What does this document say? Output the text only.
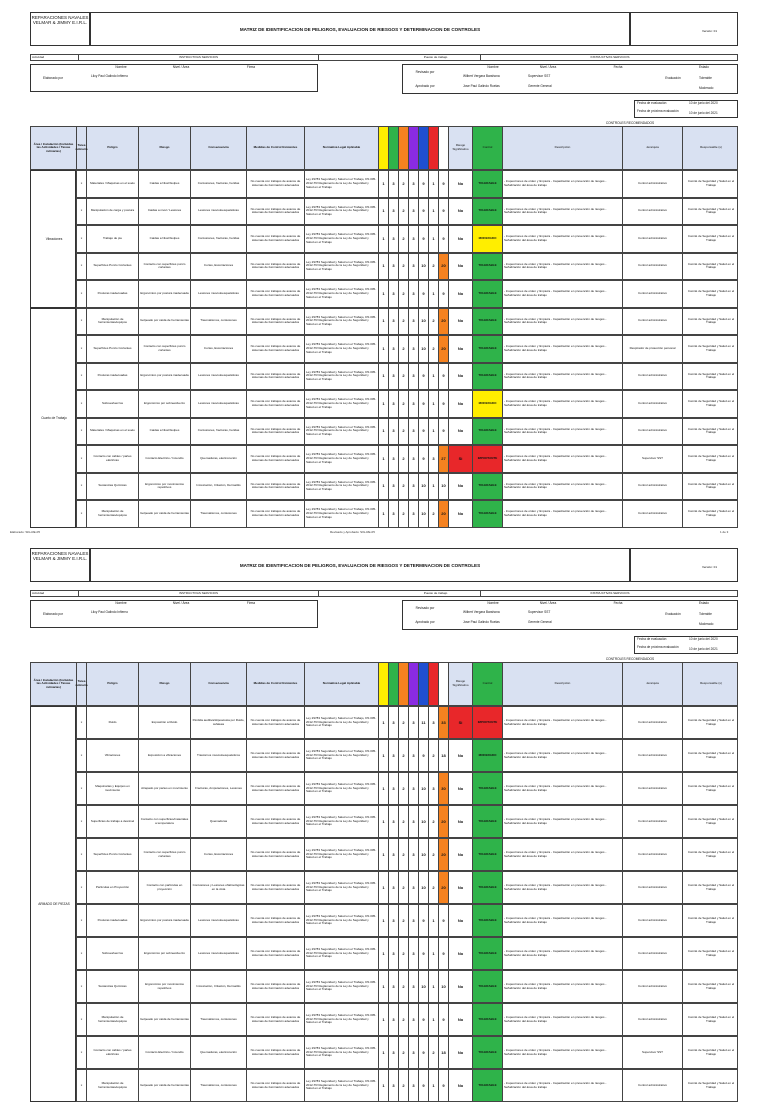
REPARACIONES NAVALES VELMAR & JIMMY E.I.R.L.
MATRIZ DE IDENTIFICACION DE PELIGROS, EVALUACION DE RIESGOS Y DETERMINACION DE CONTROLES	Versión: 01
Actividad	INSTRUCTIVAS SERVICIOS	Puesto de trabajo	INSTRUCTIVAS SERVICIOS
Elaborado por
Nombre	Nivel / Área	Firma
Lilcy Paul Galindo Infierno
Revisado por
Aprobado por
Nombre	Nivel / Área	Fecha
Evaluación
Estado
Tolerable
Moderado
Wilbert Vergara Barahona
Jose Paul Galindo Ruelas
Supervisor SST
Gerente General
Fecha de evaluación	10 de junio del 2020
Fecha de próxima evaluación	10 de junio del 2021
CONTROLES RECOMENDADOS
Área / Instalación (Incluidas las Actividades / Tareas rutinarias)
Tarea rutinaria	Peligro	Riesgo	Consecuencia	Medidas de Control Existentes	Normativa Legal Aplicable	Riesgo Significativo	Control	Descripción	Jerarquía	Responsable (s)
Vibraciones
Cuarto de Trabajo
x	Materiales / Maquinas en el suelo	Caidas a Nivel/Golpes	Contusiones, fracturas, heridas	No cuenta con trabajos de avance de sistemas de iluminación adecuados
Ley 29783 Seguridad y Salud en el Trabajo, DS 005-2012-TR Reglamento de la Ley de Seguridad y Salud en el Trabajo
1	3	2	3	9	1	9	No	TOLERABLE	- Inspecciones de orden y limpieza - Capacitación en prevención de riesgos - Señalización del área de trabajo	Control administrativo	Comité de Seguridad y Salud en el Trabajo
x	Manipulación de carga y postura	Caidas a nivel / Lesiones	Lesiones musculoesqueléticas	No cuenta con trabajos de avance de sistemas de iluminación adecuados
Ley 29783 Seguridad y Salud en el Trabajo, DS 005-2012-TR Reglamento de la Ley de Seguridad y Salud en el Trabajo
1	3	2	3	9	1	9	No	TOLERABLE	- Inspecciones de orden y limpieza - Capacitación en prevención de riesgos - Señalización del área de trabajo	Control administrativo	Comité de Seguridad y Salud en el Trabajo
x	Trabajo de pie	Caidas a Nivel/Golpes	Contusiones, fracturas, heridas	No cuenta con trabajos de avance de sistemas de iluminación adecuados
Ley 29783 Seguridad y Salud en el Trabajo, DS 005-2012-TR Reglamento de la Ley de Seguridad y Salud en el Trabajo
1	3	2	3	9	1	9	No	MODERADO	- Inspecciones de orden y limpieza - Capacitación en prevención de riesgos - Señalización del área de trabajo	Control administrativo	Comité de Seguridad y Salud en el Trabajo
x	Superficies Punzo Cortantes	Contacto con superficies punzo cortantes	Cortes, Escoriaciones	No cuenta con trabajos de avance de sistemas de iluminación adecuados
Ley 29783 Seguridad y Salud en el Trabajo, DS 005-2012-TR Reglamento de la Ley de Seguridad y Salud en el Trabajo
1	3	2	3	10	2	20	No	TOLERABLE	- Inspecciones de orden y limpieza - Capacitación en prevención de riesgos - Señalización del área de trabajo	Control administrativo	Comité de Seguridad y Salud en el Trabajo
x	Posturas inadecuadas	Ergonómico por postura inadecuada	Lesiones musculoesqueléticas	No cuenta con trabajos de avance de sistemas de iluminación adecuados
Ley 29783 Seguridad y Salud en el Trabajo, DS 005-2012-TR Reglamento de la Ley de Seguridad y Salud en el Trabajo
1	3	2	3	9	1	9	No	TOLERABLE	- Inspecciones de orden y limpieza - Capacitación en prevención de riesgos - Señalización del área de trabajo	Control administrativo	Comité de Seguridad y Salud en el Trabajo
x	Manipulación de herramientas/equipos	Golpeado por caída de herramientas	Traumatismos, contusiones	No cuenta con trabajos de avance de sistemas de iluminación adecuados
Ley 29783 Seguridad y Salud en el Trabajo, DS 005-2012-TR Reglamento de la Ley de Seguridad y Salud en el Trabajo
1	3	2	3	10	2	20	No	TOLERABLE	- Inspecciones de orden y limpieza - Capacitación en prevención de riesgos - Señalización del área de trabajo	Control administrativo	Comité de Seguridad y Salud en el Trabajo
x	Superficies Punzo Cortantes	Contacto con superficies punzo cortantes	Cortes, Escoriaciones	No cuenta con trabajos de avance de sistemas de iluminación adecuados
Ley 29783 Seguridad y Salud en el Trabajo, DS 005-2012-TR Reglamento de la Ley de Seguridad y Salud en el Trabajo
1	3	2	3	10	2	20	No	TOLERABLE	- Inspecciones de orden y limpieza - Capacitación en prevención de riesgos - Señalización del área de trabajo	Respirador de protección personal	Comité de Seguridad y Salud en el Trabajo
x	Posturas inadecuadas	Ergonómico por postura inadecuada	Lesiones musculoesqueléticas	No cuenta con trabajos de avance de sistemas de iluminación adecuados
Ley 29783 Seguridad y Salud en el Trabajo, DS 005-2012-TR Reglamento de la Ley de Seguridad y Salud en el Trabajo
1	3	2	3	9	1	9	No	TOLERABLE	- Inspecciones de orden y limpieza - Capacitación en prevención de riesgos - Señalización del área de trabajo	Control administrativo	Comité de Seguridad y Salud en el Trabajo
x	Sobreesfuerzos	Ergonómico por sobreesfuerzo	Lesiones musculoesqueléticas	No cuenta con trabajos de avance de sistemas de iluminación adecuados
Ley 29783 Seguridad y Salud en el Trabajo, DS 005-2012-TR Reglamento de la Ley de Seguridad y Salud en el Trabajo
1	3	2	3	9	1	9	No	MODERADO	- Inspecciones de orden y limpieza - Capacitación en prevención de riesgos - Señalización del área de trabajo	Control administrativo	Comité de Seguridad y Salud en el Trabajo
x	Materiales / Maquinas en el suelo	Caidas a Nivel/Golpes	Contusiones, fracturas, heridas	No cuenta con trabajos de avance de sistemas de iluminación adecuados
Ley 29783 Seguridad y Salud en el Trabajo, DS 005-2012-TR Reglamento de la Ley de Seguridad y Salud en el Trabajo
1	3	2	3	9	1	9	No	TOLERABLE	- Inspecciones de orden y limpieza - Capacitación en prevención de riesgos - Señalización del área de trabajo	Control administrativo	Comité de Seguridad y Salud en el Trabajo
x	Contacto con cables / partes eléctricas	Contacto Electrico / Incendio	Quemaduras, electrocución	No cuenta con trabajos de avance de sistemas de iluminación adecuados
Ley 29783 Seguridad y Salud en el Trabajo, DS 005-2012-TR Reglamento de la Ley de Seguridad y Salud en el Trabajo
1	3	2	3	9	3	27	Si	IMPORTANTE	- Inspecciones de orden y limpieza - Capacitación en prevención de riesgos - Señalización del área de trabajo	Supervisor SST	Comité de Seguridad y Salud en el Trabajo
x	Sustancias Químicas	Ergonómico por movimientos repetitivos	Intoxicación, Irritación, Dermatitis	No cuenta con trabajos de avance de sistemas de iluminación adecuados
Ley 29783 Seguridad y Salud en el Trabajo, DS 005-2012-TR Reglamento de la Ley de Seguridad y Salud en el Trabajo
1	3	2	3	10	1	10	No	TOLERABLE	- Inspecciones de orden y limpieza - Capacitación en prevención de riesgos - Señalización del área de trabajo	Control administrativo	Comité de Seguridad y Salud en el Trabajo
x	Manipulación de herramientas/equipos	Golpeado por caída de herramientas	Traumatismos, contusiones	No cuenta con trabajos de avance de sistemas de iluminación adecuados
Ley 29783 Seguridad y Salud en el Trabajo, DS 005-2012-TR Reglamento de la Ley de Seguridad y Salud en el Trabajo
1	3	2	3	10	2	20	No	TOLERABLE	- Inspecciones de orden y limpieza - Capacitación en prevención de riesgos - Señalización del área de trabajo	Control administrativo	Comité de Seguridad y Salud en el Trabajo
Elaborado: SIG-RE-05	Revisado y Aprobado: SIG-RE-05	1 de 3
REPARACIONES NAVALES VELMAR & JIMMY E.I.R.L.
MATRIZ DE IDENTIFICACION DE PELIGROS, EVALUACION DE RIESGOS Y DETERMINACION DE CONTROLES	Versión: 01
Actividad	INSTRUCTIVAS SERVICIOS	Puesto de trabajo	INSTRUCTIVAS SERVICIOS
Elaborado por
Nombre	Nivel / Área	Firma
Lilcy Paul Galindo Infierno
Revisado por
Aprobado por
Nombre	Nivel / Área	Fecha
Evaluación
Estado
Tolerable
Moderado
Wilbert Vergara Barahona
Jose Paul Galindo Ruelas
Supervisor SST
Gerente General
Fecha de evaluación	10 de junio del 2020
Fecha de próxima evaluación	10 de junio del 2021
CONTROLES RECOMENDADOS
Área / Instalación (Incluidas las Actividades / Tareas rutinarias)
Tarea rutinaria	Peligro	Riesgo	Consecuencia	Medidas de Control Existentes	Normativa Legal Aplicable	Riesgo Significativo	Control	Descripción	Jerarquía	Responsable (s)
ARMADO DE PIEZAS
x	Ruido	Exposición a Ruido	Pérdida auditiva/Hipoacusia por Ruido, cefaleas
No cuenta con trabajos de avance de sistemas de iluminación adecuados
Ley 29783 Seguridad y Salud en el Trabajo, DS 005-2012-TR Reglamento de la Ley de Seguridad y Salud en el Trabajo
1	3	2	3	11	3	33	Si	IMPORTANTE	- Inspecciones de orden y limpieza - Capacitación en prevención de riesgos - Señalización del área de trabajo	Control administrativo	Comité de Seguridad y Salud en el Trabajo
x	Vibraciones	Exposición a vibraciones	Trastornos musculoesqueléticos	No cuenta con trabajos de avance de sistemas de iluminación adecuados
Ley 29783 Seguridad y Salud en el Trabajo, DS 005-2012-TR Reglamento de la Ley de Seguridad y Salud en el Trabajo
1	3	2	3	9	2	18	No	MODERADO	- Inspecciones de orden y limpieza - Capacitación en prevención de riesgos - Señalización del área de trabajo	Control administrativo	Comité de Seguridad y Salud en el Trabajo
x	Maquinarias y Equipos en movimiento	Atrapado por partes en movimiento	Fracturas, Amputaciones, Lesiones	No cuenta con trabajos de avance de sistemas de iluminación adecuados
Ley 29783 Seguridad y Salud en el Trabajo, DS 005-2012-TR Reglamento de la Ley de Seguridad y Salud en el Trabajo
1	3	2	3	10	3	30	No	TOLERABLE	- Inspecciones de orden y limpieza - Capacitación en prevención de riesgos - Señalización del área de trabajo	Control administrativo	Comité de Seguridad y Salud en el Trabajo
x	Superficies de trabajo a desnivel	Contacto con superficies/materiales a temperatura	Quemaduras	No cuenta con trabajos de avance de sistemas de iluminación adecuados
Ley 29783 Seguridad y Salud en el Trabajo, DS 005-2012-TR Reglamento de la Ley de Seguridad y Salud en el Trabajo
1	3	2	3	10	2	20	No	TOLERABLE	- Inspecciones de orden y limpieza - Capacitación en prevención de riesgos - Señalización del área de trabajo	Control administrativo	Comité de Seguridad y Salud en el Trabajo
x	Superficies Punzo Cortantes	Contacto con superficies punzo cortantes	Cortes, Escoriaciones	No cuenta con trabajos de avance de sistemas de iluminación adecuados
Ley 29783 Seguridad y Salud en el Trabajo, DS 005-2012-TR Reglamento de la Ley de Seguridad y Salud en el Trabajo
1	3	2	3	10	2	20	No	TOLERABLE	- Inspecciones de orden y limpieza - Capacitación en prevención de riesgos - Señalización del área de trabajo	Control administrativo	Comité de Seguridad y Salud en el Trabajo
x	Partículas en Proyección	Contacto con partículas en proyección
Contusiones y Lesiones oftalmológicas en la vista
No cuenta con trabajos de avance de sistemas de iluminación adecuados
Ley 29783 Seguridad y Salud en el Trabajo, DS 005-2012-TR Reglamento de la Ley de Seguridad y Salud en el Trabajo
1	3	2	3	10	2	20	No	TOLERABLE	- Inspecciones de orden y limpieza - Capacitación en prevención de riesgos - Señalización del área de trabajo	Control administrativo	Comité de Seguridad y Salud en el Trabajo
x	Posturas inadecuadas	Ergonómico por postura inadecuada	Lesiones musculoesqueléticas	No cuenta con trabajos de avance de sistemas de iluminación adecuados
Ley 29783 Seguridad y Salud en el Trabajo, DS 005-2012-TR Reglamento de la Ley de Seguridad y Salud en el Trabajo
1	3	2	3	9	1	9	No	TOLERABLE	- Inspecciones de orden y limpieza - Capacitación en prevención de riesgos - Señalización del área de trabajo	Control administrativo	Comité de Seguridad y Salud en el Trabajo
x	Sobreesfuerzos	Ergonómico por sobreesfuerzo	Lesiones musculoesqueléticas	No cuenta con trabajos de avance de sistemas de iluminación adecuados
Ley 29783 Seguridad y Salud en el Trabajo, DS 005-2012-TR Reglamento de la Ley de Seguridad y Salud en el Trabajo
1	3	2	3	9	1	9	No	TOLERABLE	- Inspecciones de orden y limpieza - Capacitación en prevención de riesgos - Señalización del área de trabajo	Control administrativo	Comité de Seguridad y Salud en el Trabajo
x	Sustancias Químicas	Ergonómico por movimientos repetitivos	Intoxicación, Irritación, Dermatitis	No cuenta con trabajos de avance de sistemas de iluminación adecuados
Ley 29783 Seguridad y Salud en el Trabajo, DS 005-2012-TR Reglamento de la Ley de Seguridad y Salud en el Trabajo
1	3	2	3	10	1	10	No	TOLERABLE	- Inspecciones de orden y limpieza - Capacitación en prevención de riesgos - Señalización del área de trabajo	Control administrativo	Comité de Seguridad y Salud en el Trabajo
x	Manipulación de herramientas/equipos	Golpeado por caída de herramientas	Traumatismos, contusiones	No cuenta con trabajos de avance de sistemas de iluminación adecuados
Ley 29783 Seguridad y Salud en el Trabajo, DS 005-2012-TR Reglamento de la Ley de Seguridad y Salud en el Trabajo
1	3	2	3	9	1	9	No	TOLERABLE	- Inspecciones de orden y limpieza - Capacitación en prevención de riesgos - Señalización del área de trabajo	Control administrativo	Comité de Seguridad y Salud en el Trabajo
x	Contacto con cables / partes eléctricas	Contacto Electrico / Incendio	Quemaduras, electrocución	No cuenta con trabajos de avance de sistemas de iluminación adecuados
Ley 29783 Seguridad y Salud en el Trabajo, DS 005-2012-TR Reglamento de la Ley de Seguridad y Salud en el Trabajo
1	3	2	3	9	2	18	No	TOLERABLE	- Inspecciones de orden y limpieza - Capacitación en prevención de riesgos - Señalización del área de trabajo	Supervisor SST	Comité de Seguridad y Salud en el Trabajo
x	Manipulación de herramientas/equipos	Golpeado por caída de herramientas	Traumatismos, contusiones	No cuenta con trabajos de avance de sistemas de iluminación adecuados
Ley 29783 Seguridad y Salud en el Trabajo, DS 005-2012-TR Reglamento de la Ley de Seguridad y Salud en el Trabajo
1	3	2	3	9	1	9	No	TOLERABLE	- Inspecciones de orden y limpieza - Capacitación en prevención de riesgos - Señalización del área de trabajo	Control administrativo	Comité de Seguridad y Salud en el Trabajo
